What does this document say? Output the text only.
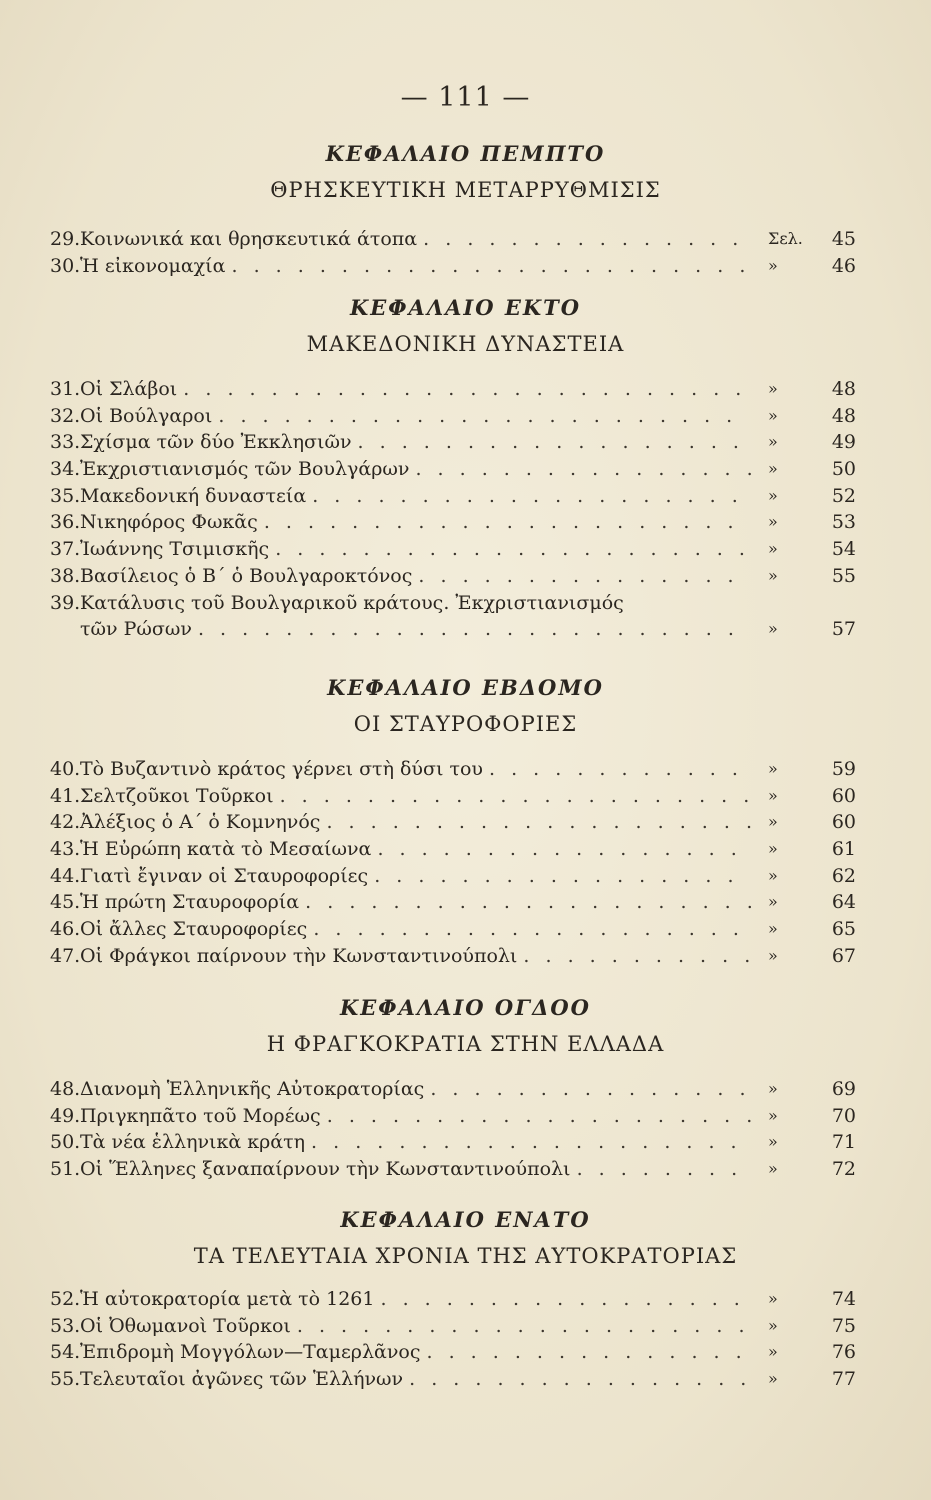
— 111 —
ΚΕΦΑΛΑΙΟ ΠΕΜΠΤΟ
ΘΡΗΣΚΕΥΤΙΚΗ ΜΕΤΑΡΡΥΘΜΙΣΙΣ
29. Κοινωνικά και θρησκευτικά άτοπα . . . . . . . . . . . . . . . Σελ.	45
30. Ἡ εἰκονομαχία . . . . . . . . . . . . . . . . . . . . . . . . »	46
ΚΕΦΑΛΑΙΟ ΕΚΤΟ
ΜΑΚΕΔΟΝΙΚΗ ΔΥΝΑΣΤΕΙΑ
31. Οἱ Σλάβοι . . . . . . . . . . . . . . . . . . . . . . . . . . »	48
32. Οἱ Βούλγαροι . . . . . . . . . . . . . . . . . . . . . . . . »	48
33. Σχίσμα τῶν δύο Ἐκκλησιῶν . . . . . . . . . . . . . . . . . . »	49
34. Ἐκχριστιανισμός τῶν Βουλγάρων . . . . . . . . . . . . . . . . »	50
35. Μακεδονική δυναστεία . . . . . . . . . . . . . . . . . . . . »	52
36. Νικηφόρος Φωκᾶς . . . . . . . . . . . . . . . . . . . . . . »	53
37. Ἰωάννης Τσιμισκῆς . . . . . . . . . . . . . . . . . . . . . . »	54
38. Βασίλειος ὁ Β΄ ὁ Βουλγαροκτόνος . . . . . . . . . . . . . . . »	55
39. Κατάλυσις τοῦ Βουλγαρικοῦ κράτους. Ἐκχριστιανισμός
τῶν Ρώσων . . . . . . . . . . . . . . . . . . . . . . . . . »	57
ΚΕΦΑΛΑΙΟ ΕΒΔΟΜΟ
ΟΙ ΣΤΑΥΡΟΦΟΡΙΕΣ
40. Τὸ Βυζαντινὸ κράτος γέρνει στὴ δύσι του . . . . . . . . . . . . »	59
41. Σελτζοῦκοι Τοῦρκοι . . . . . . . . . . . . . . . . . . . . . . »	60
42. Ἀλέξιος ὁ Α΄ ὁ Κομνηνός . . . . . . . . . . . . . . . . . . . . »	60
43. Ἡ Εὐρώπη κατὰ τὸ Μεσαίωνα . . . . . . . . . . . . . . . . . »	61
44. Γιατὶ ἔγιναν οἱ Σταυροφορίες . . . . . . . . . . . . . . . . . »	62
45. Ἡ πρώτη Σταυροφορία . . . . . . . . . . . . . . . . . . . . . »	64
46. Οἱ ἄλλες Σταυροφορίες . . . . . . . . . . . . . . . . . . . . »	65
47. Οἱ Φράγκοι παίρνουν τὴν Κωνσταντινούπολι . . . . . . . . . . . »	67
ΚΕΦΑΛΑΙΟ ΟΓΔΟΟ
Η ΦΡΑΓΚΟΚΡΑΤΙΑ ΣΤΗΝ ΕΛΛΑΔΑ
48. Διανομὴ Ἑλληνικῆς Αὐτοκρατορίας . . . . . . . . . . . . . . . »	69
49. Πριγκηπᾶτο τοῦ Μορέως . . . . . . . . . . . . . . . . . . . . »	70
50. Τὰ νέα ἑλληνικὰ κράτη . . . . . . . . . . . . . . . . . . . . »	71
51. Οἱ Ἕλληνες ξαναπαίρνουν τὴν Κωνσταντινούπολι . . . . . . . . »	72
ΚΕΦΑΛΑΙΟ ΕΝΑΤΟ
ΤΑ ΤΕΛΕΥΤΑΙΑ ΧΡΟΝΙΑ ΤΗΣ ΑΥΤΟΚΡΑΤΟΡΙΑΣ
52. Ἡ αὐτοκρατορία μετὰ τὸ 1261 . . . . . . . . . . . . . . . . . »	74
53. Οἱ Ὀθωμανοὶ Τοῦρκοι . . . . . . . . . . . . . . . . . . . . . »	75
54. Ἐπιδρομὴ Μογγόλων—Ταμερλᾶνος . . . . . . . . . . . . . . . »	76
55. Τελευταῖοι ἀγῶνες τῶν Ἑλλήνων . . . . . . . . . . . . . . . . »	77
